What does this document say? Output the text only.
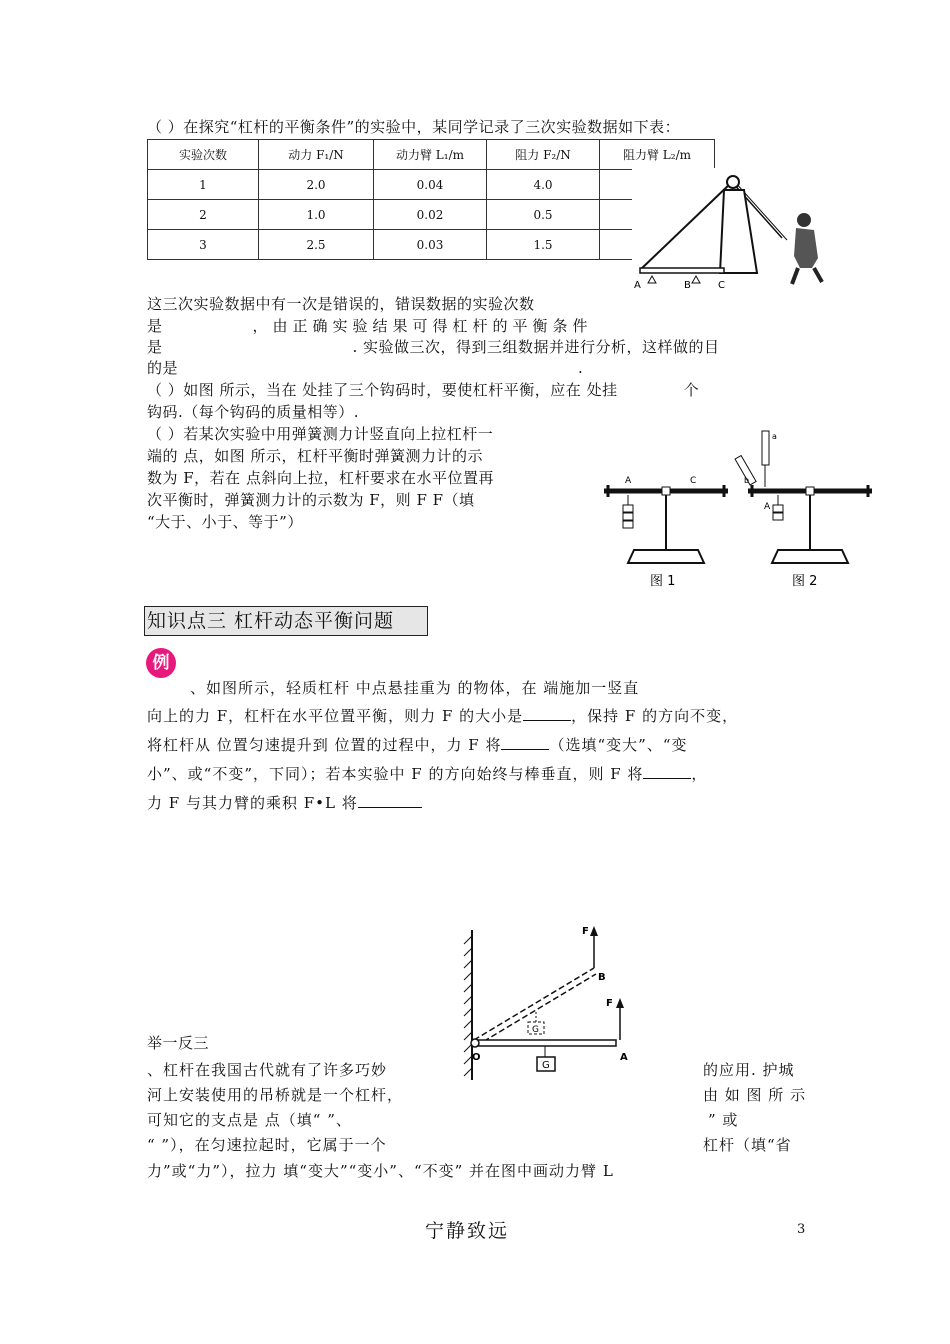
（ ）在探究“杠杆的平衡条件”的实验中，某同学记录了三次实验数据如下表：
实验次数	动力 F₁/N	动力臂 L₁/m	阻力 F₂/N	阻力臂 L₂/m
1	2.0	0.04	4.0	
2	1.0	0.02	0.5	
3	2.5	0.03	1.5	
A	B	C
这三次实验数据中有一次是错误的，错误数据的实验次数
是	，由正确实验结果可得杠杆的平衡条件
是	. 实验做三次，得到三组数据并进行分析，这样做的目
的是	.
（ ）如图 所示，当在 处挂了三个钩码时，要使杠杆平衡，应在 处挂	个
钩码.（每个钩码的质量相等）.
（ ）若某次实验中用弹簧测力计竖直向上拉杠杆一
端的 点，如图 所示，杠杆平衡时弹簧测力计的示
数为 F，若在 点斜向上拉，杠杆要求在水平位置再
次平衡时，弹簧测力计的示数为 F，则 F F（填
“大于、小于、等于”）
A	C
图 1
a
b
A
图 2
知识点三 杠杆动态平衡问题
例
、如图所示，轻质杠杆 中点悬挂重为 的物体，在 端施加一竖直
向上的力 F，杠杆在水平位置平衡，则力 F 的大小是	，保持 F 的方向不变，
将杠杆从 位置匀速提升到 位置的过程中，力 F 将	（选填“变大”、“变
小”、或“不变”，下同）；若本实验中 F 的方向始终与棒垂直，则 F 将	，
力 F 与其力臂的乘积 F•L 将
F
B
F
A
O
G
G
举一反三
、杠杆在我国古代就有了许多巧妙	的应用. 护城
河上安装使用的吊桥就是一个杠杆，	由 如 图 所 示
可知它的支点是 点（填“ ”、	” 或
“ ”），在匀速拉起时，它属于一个	杠杆（填“省
力”或“力”），拉力 填“变大”“变小”、“不变” 并在图中画动力臂 L
宁静致远	3
